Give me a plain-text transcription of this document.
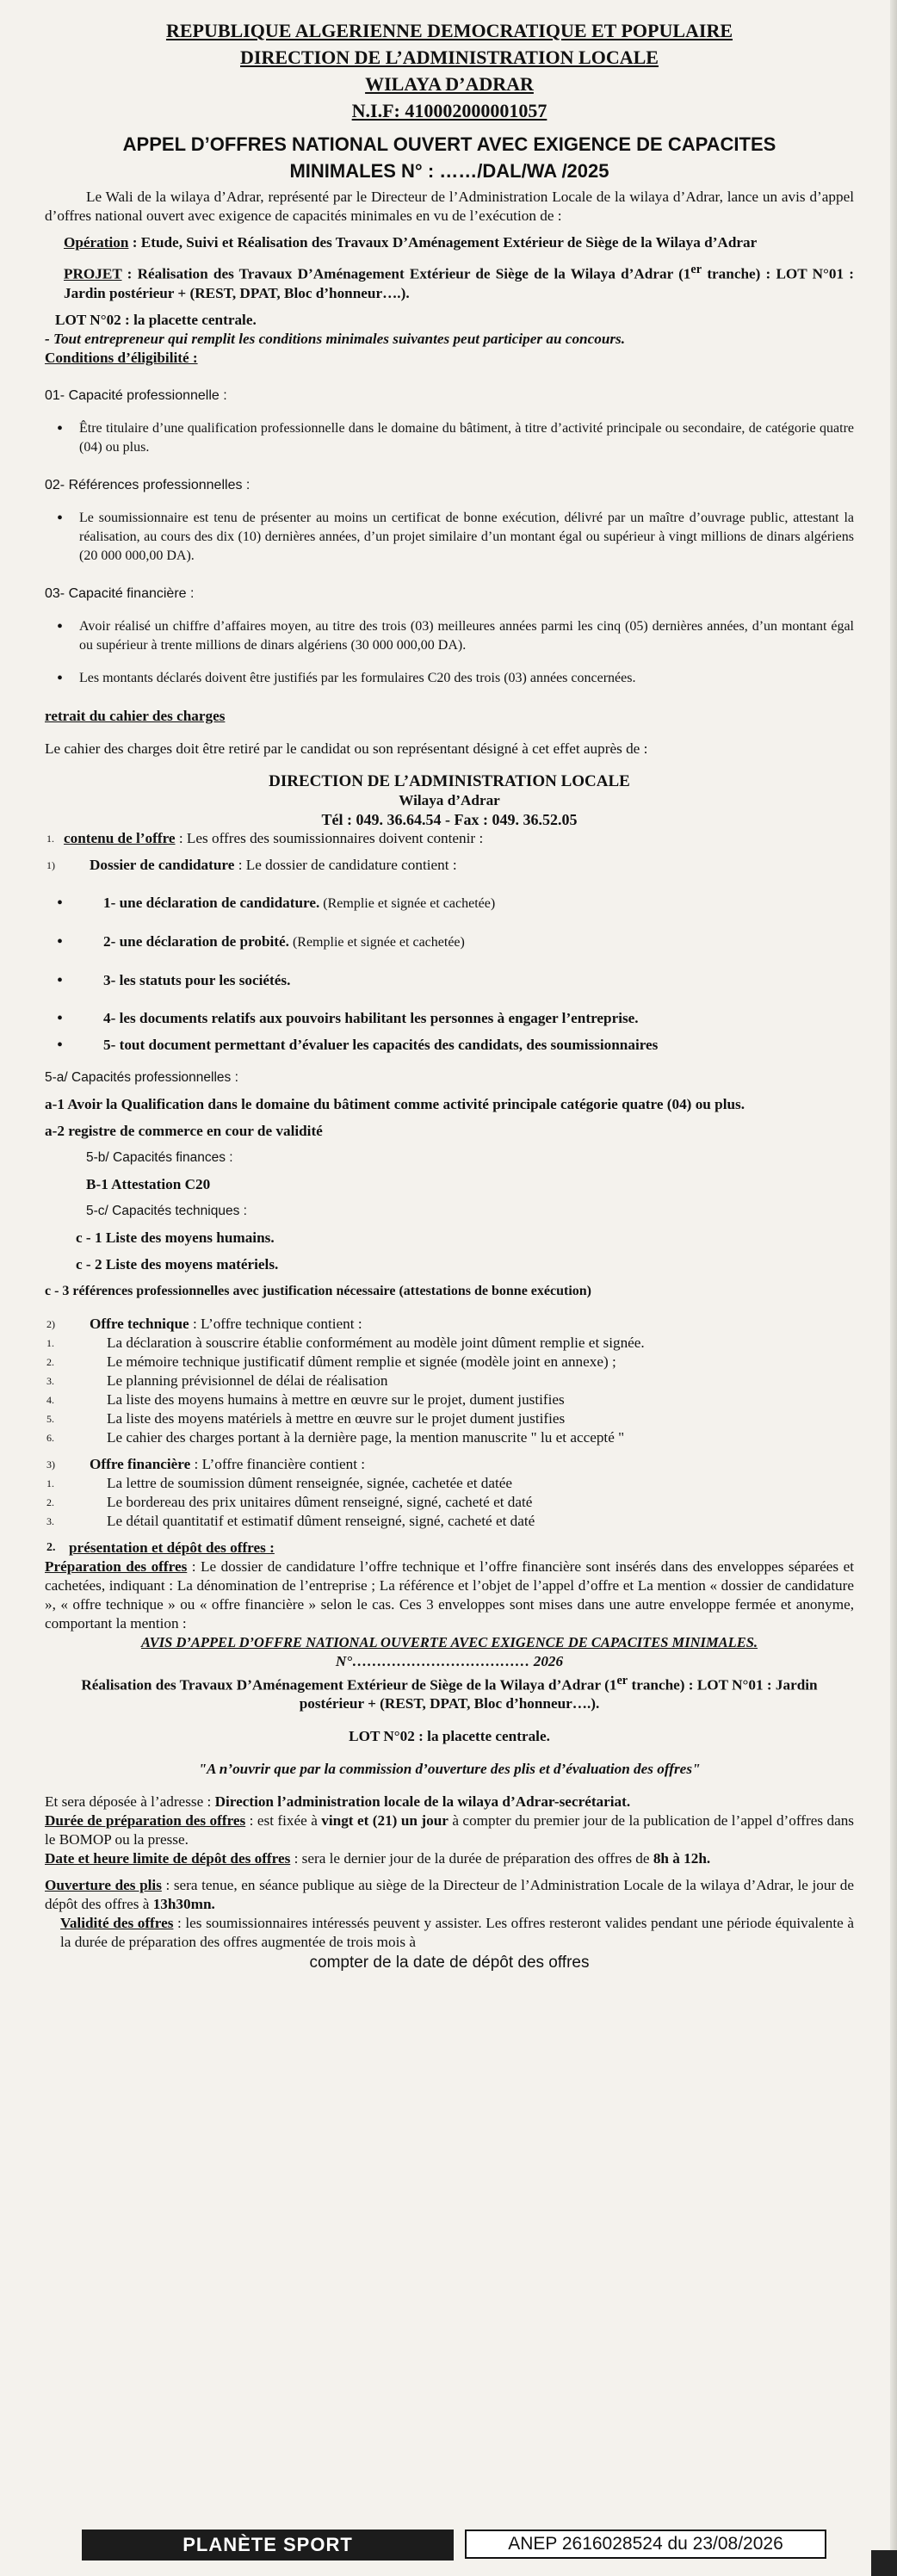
REPUBLIQUE ALGERIENNE DEMOCRATIQUE ET POPULAIRE
DIRECTION DE L’ADMINISTRATION LOCALE
WILAYA D’ADRAR
N.I.F: 410002000001057
APPEL D’OFFRES NATIONAL OUVERT AVEC EXIGENCE DE CAPACITES
MINIMALES N° : ……/DAL/WA /2025

Le Wali de la wilaya d’Adrar, représenté par le Directeur de l’Administration Locale de la wilaya d’Adrar, lance un avis d’appel d’offres national ouvert avec exigence de capacités minimales en vu de l’exécution de :

Opération : Etude, Suivi et Réalisation des Travaux D’Aménagement Extérieur de Siège de la Wilaya d’Adrar

PROJET : Réalisation des Travaux D’Aménagement Extérieur de Siège de la Wilaya d’Adrar (1er tranche) : LOT N°01 : Jardin postérieur + (REST, DPAT, Bloc d’honneur….).

LOT N°02 : la placette centrale.

- Tout entrepreneur qui remplit les conditions minimales suivantes peut participer au concours.

Conditions d’éligibilité :

01- Capacité professionnelle :

•	Être titulaire d’une qualification professionnelle dans le domaine du bâtiment, à titre d’activité principale ou secondaire, de catégorie quatre (04) ou plus.

02- Références professionnelles :

•	Le soumissionnaire est tenu de présenter au moins un certificat de bonne exécution, délivré par un maître d’ouvrage public, attestant la réalisation, au cours des dix (10) dernières années, d’un projet similaire d’un montant égal ou supérieur à vingt millions de dinars algériens (20 000 000,00 DA).

03- Capacité financière :

•	Avoir réalisé un chiffre d’affaires moyen, au titre des trois (03) meilleures années parmi les cinq (05) dernières années, d’un montant égal ou supérieur à trente millions de dinars algériens (30 000 000,00 DA).
•	Les montants déclarés doivent être justifiés par les formulaires C20 des trois (03) années concernées.

retrait du cahier des charges

Le cahier des charges doit être retiré par le candidat ou son représentant désigné à cet effet auprès de :

DIRECTION DE L’ADMINISTRATION LOCALE
Wilaya d’Adrar
Tél : 049. 36.64.54 - Fax : 049. 36.52.05
1. contenu de l’offre : Les offres des soumissionnaires doivent contenir :
1)	Dossier de candidature : Le dossier de candidature contient :
•	1- une déclaration de candidature. (Remplie et signée et cachetée)
•	2- une déclaration de probité. (Remplie et signée et cachetée)
•	3- les statuts pour les sociétés.
•	4- les documents relatifs aux pouvoirs habilitant les personnes à engager l’entreprise.
•	5- tout document permettant d’évaluer les capacités des candidats, des soumissionnaires

5-a/ Capacités professionnelles :

a-1 Avoir la Qualification dans le domaine du bâtiment comme activité principale catégorie quatre (04) ou plus.

a-2 registre de commerce en cour de validité

5-b/ Capacités finances :

B-1 Attestation C20

5-c/ Capacités techniques :

c - 1 Liste des moyens humains.

c - 2 Liste des moyens matériels.

c - 3 références professionnelles avec justification nécessaire (attestations de bonne exécution)

2)	Offre technique : L’offre technique contient :
1.	La déclaration à souscrire établie conformément au modèle joint dûment remplie et signée.
2.	Le mémoire technique justificatif dûment remplie et signée (modèle joint en annexe) ;
3.	Le planning prévisionnel de délai de réalisation
4.	La liste des moyens humains à mettre en œuvre sur le projet, dument justifies
5.	La liste des moyens matériels à mettre en œuvre sur le projet dument justifies
6.	Le cahier des charges portant à la dernière page, la mention manuscrite " lu et accepté "
3)	Offre financière : L’offre financière contient :
1.	La lettre de soumission dûment renseignée, signée, cachetée et datée
2.	Le bordereau des prix unitaires dûment renseigné, signé, cacheté et daté
3.	Le détail quantitatif et estimatif dûment renseigné, signé, cacheté et daté
2. présentation et dépôt des offres :

Préparation des offres : Le dossier de candidature l’offre technique et l’offre financière sont insérés dans des enveloppes séparées et cachetées, indiquant : La dénomination de l’entreprise ; La référence et l’objet de l’appel d’offre et La mention « dossier de candidature », « offre technique » ou « offre financière » selon le cas. Ces 3 enveloppes sont mises dans une autre enveloppe fermée et anonyme, comportant la mention :

AVIS D’APPEL D’OFFRE NATIONAL OUVERTE AVEC EXIGENCE DE CAPACITES MINIMALES.

N°……………………………… 2026

Réalisation des Travaux D’Aménagement Extérieur de Siège de la Wilaya d’Adrar (1er tranche) : LOT N°01 : Jardin postérieur + (REST, DPAT, Bloc d’honneur….).

LOT N°02 : la placette centrale.

"A n’ouvrir que par la commission d’ouverture des plis et d’évaluation des offres"

Et sera déposée à l’adresse : Direction l’administration locale de la wilaya d’Adrar-secrétariat.

Durée de préparation des offres : est fixée à vingt et (21) un jour à compter du premier jour de la publication de l’appel d’offres dans le BOMOP ou la presse.

Date et heure limite de dépôt des offres : sera le dernier jour de la durée de préparation des offres de 8h à 12h.

Ouverture des plis : sera tenue, en séance publique au siège de la Directeur de l’Administration Locale de la wilaya d’Adrar, le jour de dépôt des offres à 13h30mn.

Validité des offres : les soumissionnaires intéressés peuvent y assister. Les offres resteront valides pendant une période équivalente à la durée de préparation des offres augmentée de trois mois à

compter de la date de dépôt des offres

PLANÈTE SPORT	ANEP 2616028524 du 23/08/2026
